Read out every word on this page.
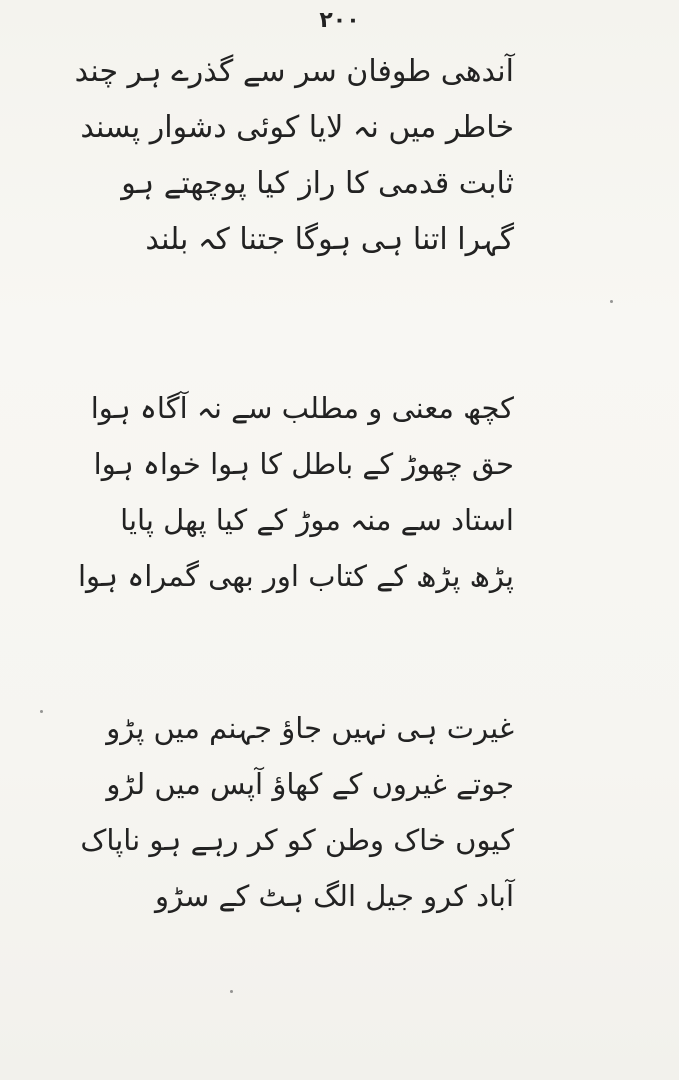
۲۰۰
آندھی طوفان سر سے گذرے ہر چند
خاطر میں نہ لایا کوئی دشوار پسند
ثابت قدمی کا راز کیا پوچھتے ہو
گہرا اتنا ہی ہوگا جتنا کہ بلند
کچھ معنی و مطلب سے نہ آگاہ ہوا
حق چھوڑ کے باطل کا ہوا خواہ ہوا
استاد سے منہ موڑ کے کیا پھل پایا
پڑھ پڑھ کے کتاب اور بھی گمراہ ہوا
غیرت ہی نہیں جاؤ جہنم میں پڑو
جوتے غیروں کے کھاؤ آپس میں لڑو
کیوں خاک وطن کو کر رہے ہو ناپاک
آباد کرو جیل الگ ہٹ کے سڑو
